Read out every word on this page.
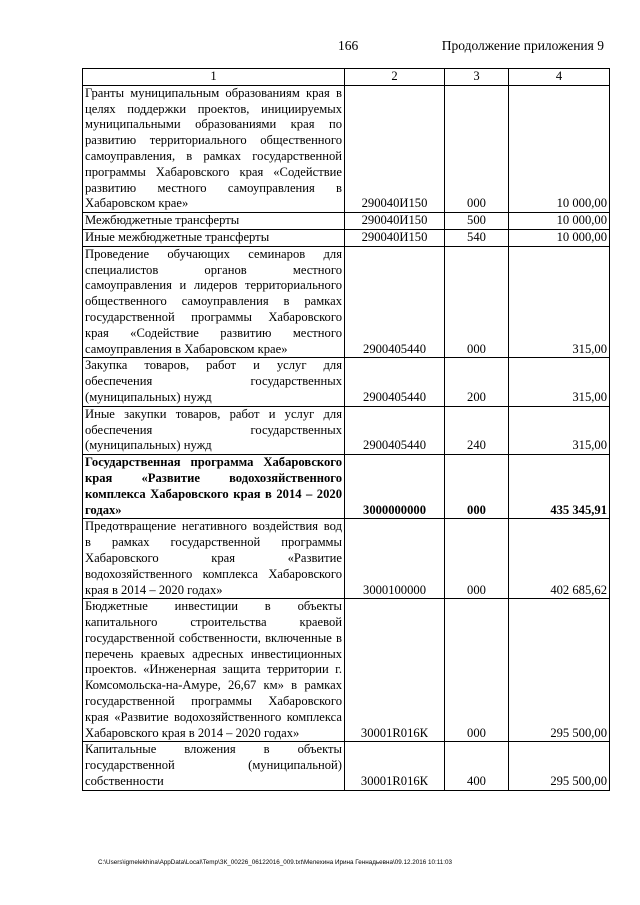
166	Продолжение приложения 9
1	2	3	4
Гранты муниципальным образованиям края в целях поддержки проектов, инициируемых муниципальными образованиями края по развитию территориального общественного самоуправления, в рамках государственной программы Хабаровского края «Содействие развитию местного самоуправления в Хабаровском крае»	290040И150	000	10 000,00
Межбюджетные трансферты	290040И150	500	10 000,00
Иные межбюджетные трансферты	290040И150	540	10 000,00
Проведение обучающих семинаров для специалистов органов местного самоуправления и лидеров территориального общественного самоуправления в рамках государственной программы Хабаровского края «Содействие развитию местного самоуправления в Хабаровском крае»	2900405440	000	315,00
Закупка товаров, работ и услуг для обеспечения государственных (муниципальных) нужд	2900405440	200	315,00
Иные закупки товаров, работ и услуг для обеспечения государственных (муниципальных) нужд	2900405440	240	315,00
Государственная программа Хабаровского края «Развитие водохозяйственного комплекса Хабаровского края в 2014 – 2020 годах»	3000000000	000	435 345,91
Предотвращение негативного воздействия вод в рамках государственной программы Хабаровского края «Развитие водохозяйственного комплекса Хабаровского края в 2014 – 2020 годах»	3000100000	000	402 685,62
Бюджетные инвестиции в объекты капитального строительства краевой государственной собственности, включенные в перечень краевых адресных инвестиционных проектов. «Инженерная защита территории г. Комсомольска-на-Амуре, 26,67 км» в рамках государственной программы Хабаровского края «Развитие водохозяйственного комплекса Хабаровского края в 2014 – 2020 годах»	30001R016К	000	295 500,00
Капитальные вложения в объекты государственной (муниципальной) собственности	30001R016К	400	295 500,00
C:\Users\igmelekhina\AppData\Local\Temp\ЗК_00226_06122016_009.txt\Мелехина Ирина Геннадьевна\09.12.2016 10:11:03
